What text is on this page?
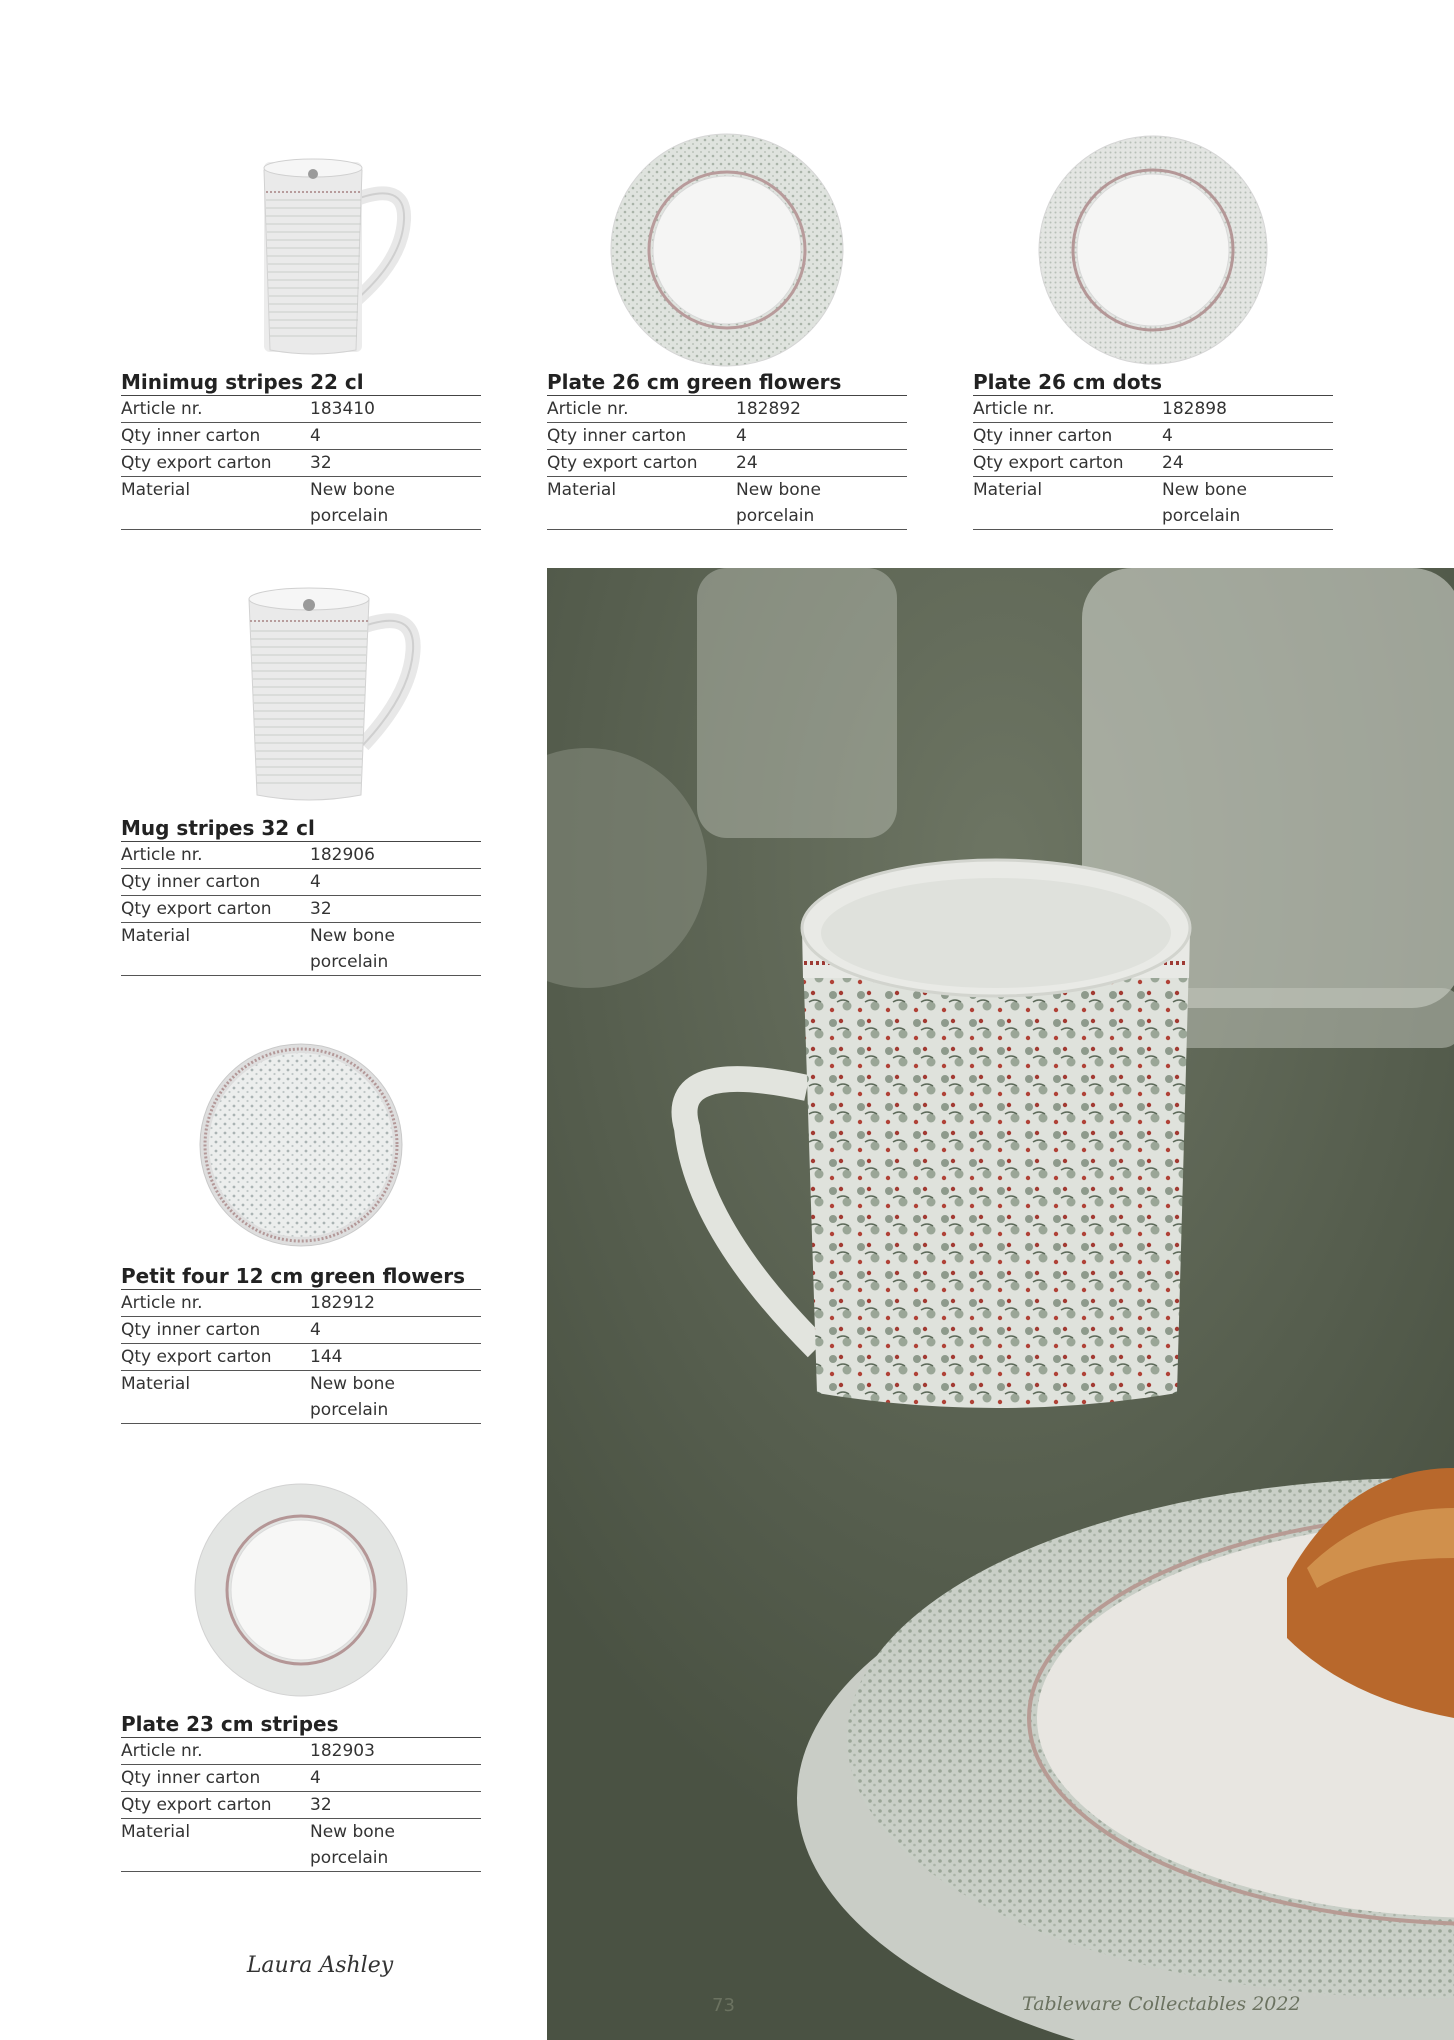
Minimug stripes 22 cl
Article nr.	183410
Qty inner carton	4
Qty export carton	32
Material	New bone
porcelain
Plate 26 cm green flowers
Article nr.	182892
Qty inner carton	4
Qty export carton	24
Material	New bone
porcelain
Plate 26 cm dots
Article nr.	182898
Qty inner carton	4
Qty export carton	24
Material	New bone
porcelain
Mug stripes 32 cl
Article nr.	182906
Qty inner carton	4
Qty export carton	32
Material	New bone
porcelain
Petit four 12 cm green flowers
Article nr.	182912
Qty inner carton	4
Qty export carton	144
Material	New bone
porcelain
Plate 23 cm stripes
Article nr.	182903
Qty inner carton	4
Qty export carton	32
Material	New bone
porcelain
Laura Ashley
73	Tableware Collectables 2022
